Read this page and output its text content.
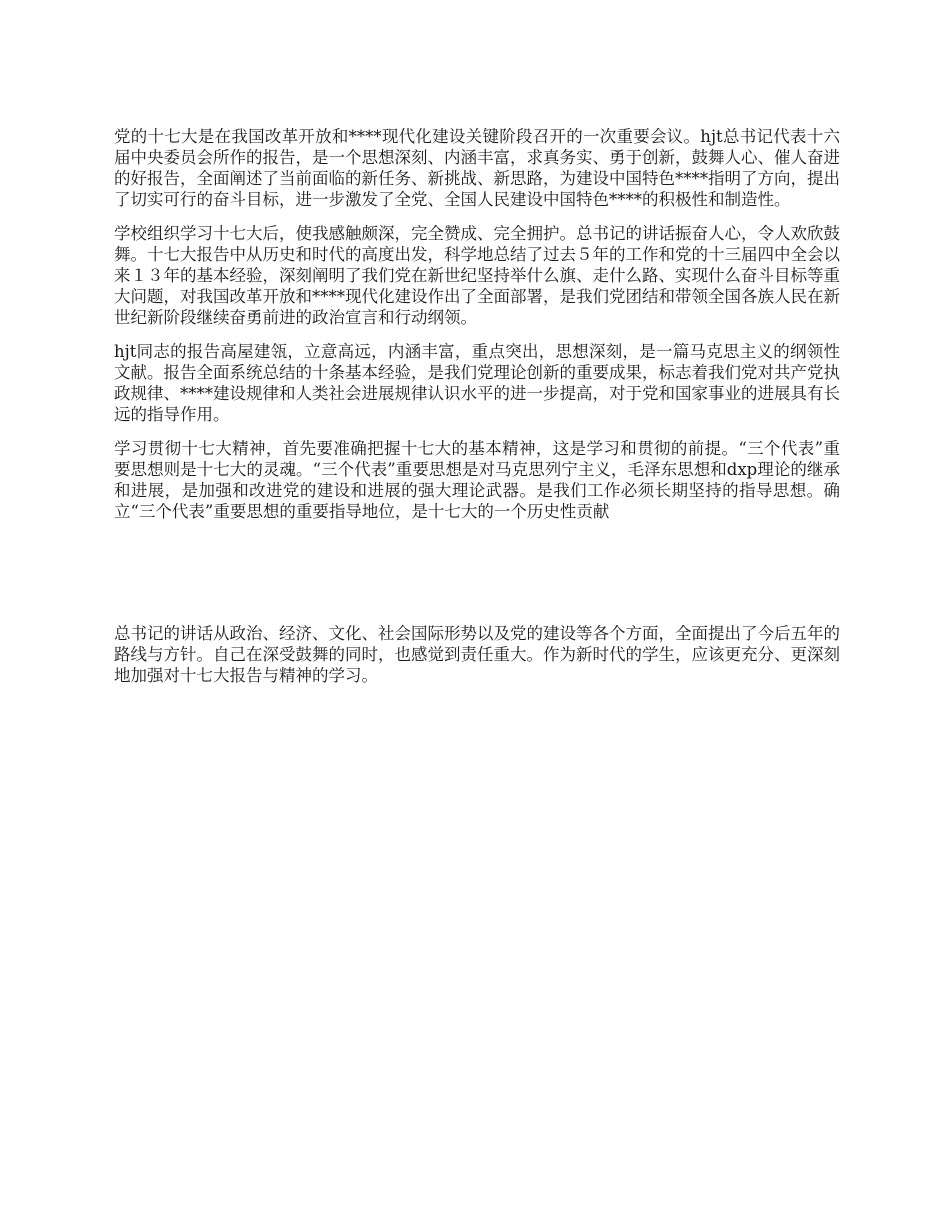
党的十七大是在我国改革开放和****现代化建设关键阶段召开的一次重要会议。hjt总书记代表十六届中央委员会所作的报告，是一个思想深刻、内涵丰富，求真务实、勇于创新，鼓舞人心、催人奋进的好报告，全面阐述了当前面临的新任务、新挑战、新思路，为建设中国特色****指明了方向，提出了切实可行的奋斗目标，进一步激发了全党、全国人民建设中国特色****的积极性和制造性。

学校组织学习十七大后，使我感触颇深，完全赞成、完全拥护。总书记的讲话振奋人心，令人欢欣鼓舞。十七大报告中从历史和时代的高度出发，科学地总结了过去５年的工作和党的十三届四中全会以来１３年的基本经验，深刻阐明了我们党在新世纪坚持举什么旗、走什么路、实现什么奋斗目标等重大问题，对我国改革开放和****现代化建设作出了全面部署，是我们党团结和带领全国各族人民在新世纪新阶段继续奋勇前进的政治宣言和行动纲领。

hjt同志的报告高屋建瓴，立意高远，内涵丰富，重点突出，思想深刻，是一篇马克思主义的纲领性文献。报告全面系统总结的十条基本经验，是我们党理论创新的重要成果，标志着我们党对共产党执政规律、****建设规律和人类社会进展规律认识水平的进一步提高，对于党和国家事业的进展具有长远的指导作用。

学习贯彻十七大精神，首先要准确把握十七大的基本精神，这是学习和贯彻的前提。“三个代表”重要思想则是十七大的灵魂。“三个代表”重要思想是对马克思列宁主义，毛泽东思想和dxp理论的继承和进展，是加强和改进党的建设和进展的强大理论武器。是我们工作必须长期坚持的指导思想。确立“三个代表”重要思想的重要指导地位，是十七大的一个历史性贡献

总书记的讲话从政治、经济、文化、社会国际形势以及党的建设等各个方面，全面提出了今后五年的路线与方针。自己在深受鼓舞的同时，也感觉到责任重大。作为新时代的学生，应该更充分、更深刻地加强对十七大报告与精神的学习。
